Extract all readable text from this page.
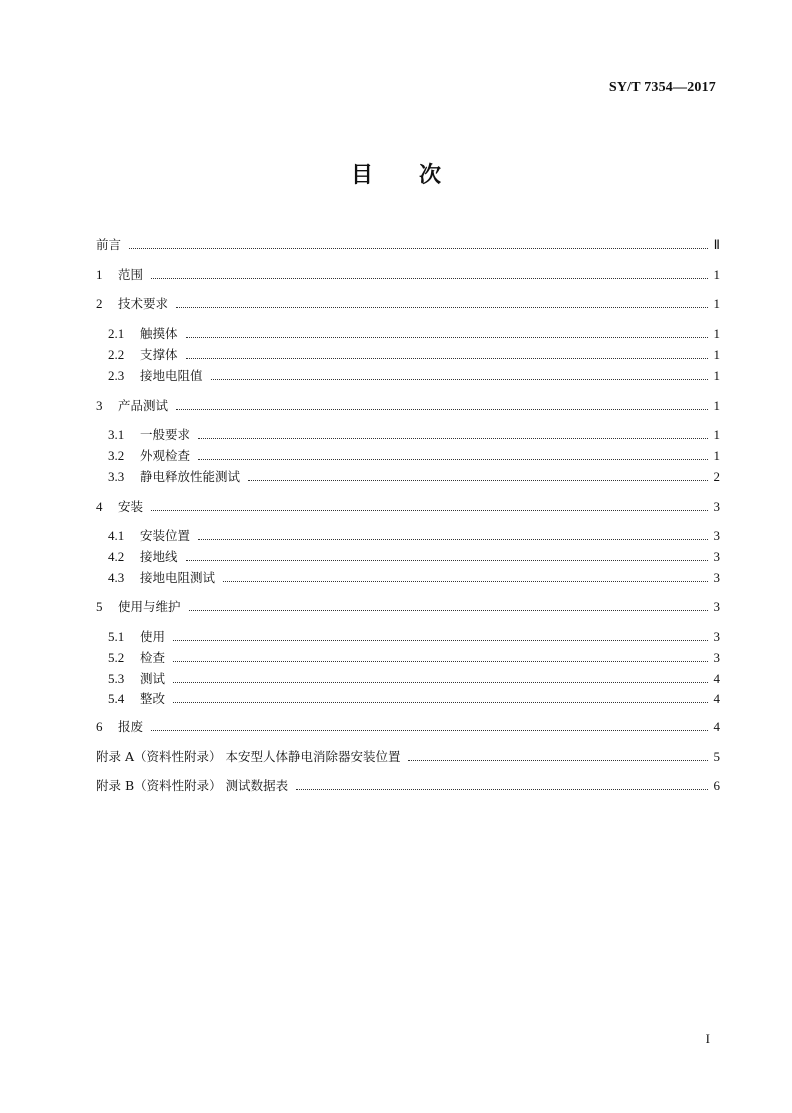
SY/T 7354—2017
目 次
前言	Ⅱ
1	范围	1
2	技术要求	1
2.1	触摸体	1
2.2	支撑体	1
2.3	接地电阻值	1
3	产品测试	1
3.1	一般要求	1
3.2	外观检查	1
3.3	静电释放性能测试	2
4	安装	3
4.1	安装位置	3
4.2	接地线	3
4.3	接地电阻测试	3
5	使用与维护	3
5.1	使用	3
5.2	检查	3
5.3	测试	4
5.4	整改	4
6	报废	4
附录 A（资料性附录） 本安型人体静电消除器安装位置	5
附录 B（资料性附录） 测试数据表	6
I
